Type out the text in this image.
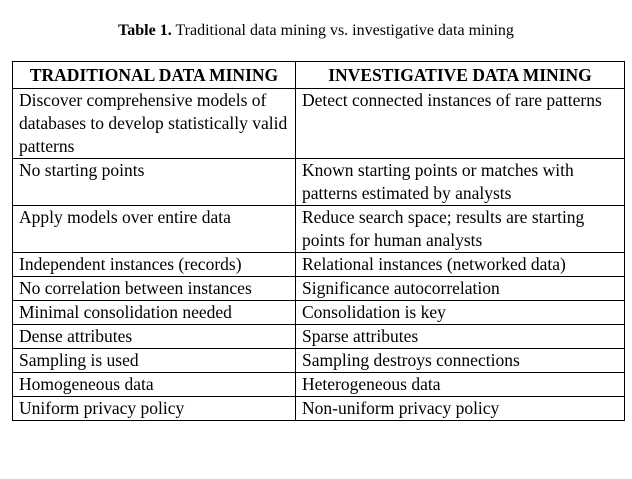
Table 1. Traditional data mining vs. investigative data mining
TRADITIONAL DATA MINING	INVESTIGATIVE DATA MINING
Discover comprehensive models of databases to develop statistically valid patterns	Detect connected instances of rare patterns
No starting points	Known starting points or matches with patterns estimated by analysts
Apply models over entire data	Reduce search space; results are starting points for human analysts
Independent instances (records)	Relational instances (networked data)
No correlation between instances	Significance autocorrelation
Minimal consolidation needed	Consolidation is key
Dense attributes	Sparse attributes
Sampling is used	Sampling destroys connections
Homogeneous data	Heterogeneous data
Uniform privacy policy	Non-uniform privacy policy
